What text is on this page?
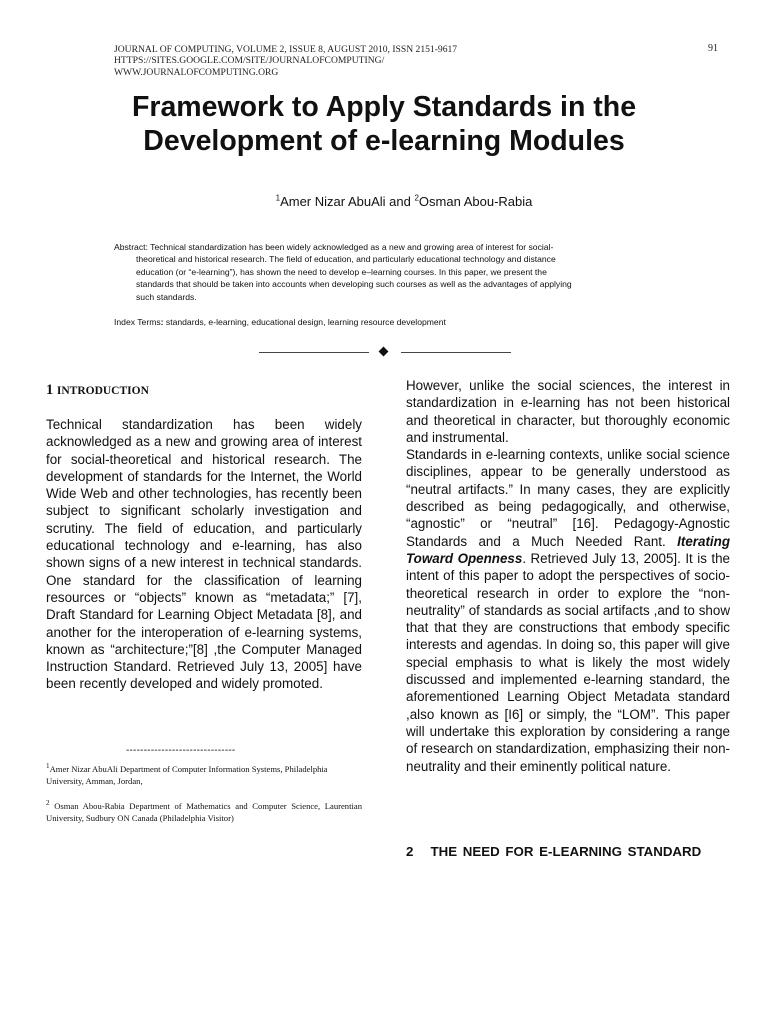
JOURNAL OF COMPUTING, VOLUME 2, ISSUE 8, AUGUST 2010, ISSN 2151-9617
HTTPS://SITES.GOOGLE.COM/SITE/JOURNALOFCOMPUTING/
WWW.JOURNALOFCOMPUTING.ORG
91
Framework to Apply Standards in the
Development of e-learning Modules
$^1$Amer Nizar AbuAli and $^2$Osman Abou-Rabia
Abstract: Technical standardization has been widely acknowledged as a new and growing area of interest for social-
theoretical and historical research. The field of education, and particularly educational technology and distance
education (or “e-learning”), has shown the need to develop e–learning courses. In this paper, we present the
standards that should be taken into accounts when developing such courses as well as the advantages of applying
such standards.
Index Terms: standards, e-learning, educational design, learning resource development
1 INTRODUCTION
Technical standardization has been widely acknowledged as a new and growing area of interest for social-theoretical and historical research. The development of standards for the Internet, the World Wide Web and other technologies, has recently been subject to significant scholarly investigation and scrutiny. The field of education, and particularly educational technology and e-learning, has also shown signs of a new interest in technical standards. One standard for the classification of learning resources or “objects” known as “metadata;” [7], Draft Standard for Learning Object Metadata [8], and another for the interoperation of e-learning systems, known as “architecture;”[8] ,the Computer Managed Instruction Standard. Retrieved July 13, 2005] have been recently developed and widely promoted.
-------------------------------
$^1$Amer Nizar AbuAli Department of Computer Information Systems, Philadelphia University, Amman, Jordan,
$^2$ Osman Abou-Rabia Department of Mathematics and Computer Science, Laurentian University, Sudbury ON Canada (Philadelphia Visitor)
However, unlike the social sciences, the interest in standardization in e-learning has not been historical and theoretical in character, but thoroughly economic and instrumental.
Standards in e-learning contexts, unlike social science disciplines, appear to be generally understood as “neutral artifacts.” In many cases, they are explicitly described as being pedagogically, and otherwise, “agnostic” or “neutral” [16]. Pedagogy-Agnostic Standards and a Much Needed Rant. Iterating Toward Openness. Retrieved July 13, 2005]. It is the intent of this paper to adopt the perspectives of socio-theoretical research in order to explore the “non-neutrality” of standards as social artifacts ,and to show that that they are constructions that embody specific interests and agendas. In doing so, this paper will give special emphasis to what is likely the most widely discussed and implemented e-learning standard, the aforementioned Learning Object Metadata standard ,also known as [I6] or simply, the “LOM”. This paper will undertake this exploration by considering a range of research on standardization, emphasizing their non-neutrality and their eminently political nature.
2 THE NEED FOR E-LEARNING STANDARD
